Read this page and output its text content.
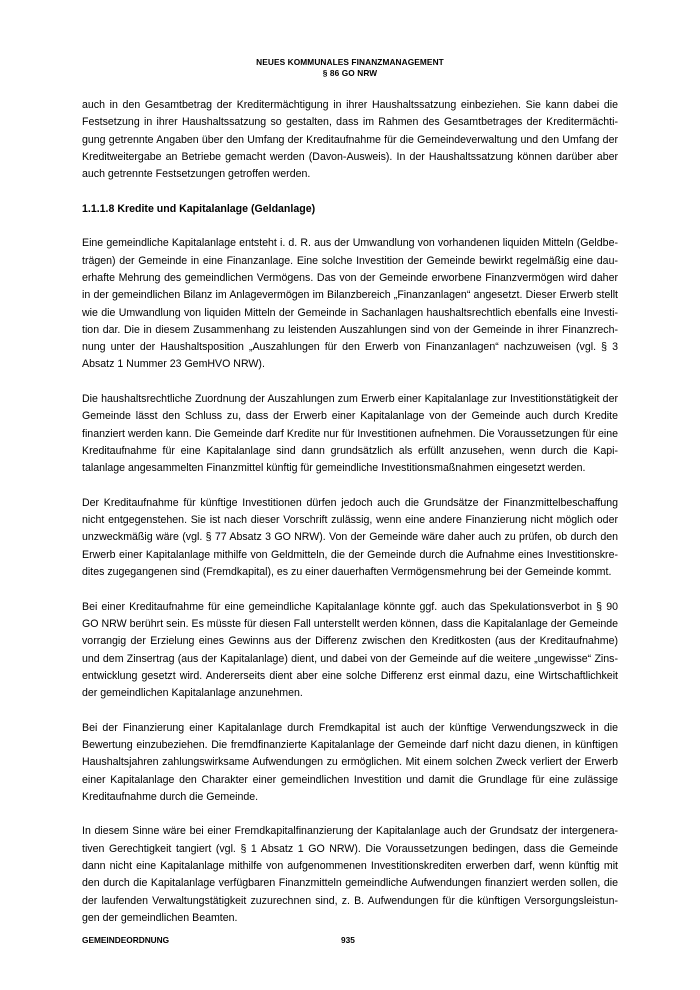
NEUES KOMMUNALES FINANZMANAGEMENT
§ 86 GO NRW

auch in den Gesamtbetrag der Kreditermächtigung in ihrer Haushaltssatzung einbeziehen. Sie kann dabei die Festsetzung in ihrer Haushaltssatzung so gestalten, dass im Rahmen des Gesamtbetrages der Kreditermächtigung getrennte Angaben über den Umfang der Kreditaufnahme für die Gemeindeverwaltung und den Umfang der Kreditweitergabe an Betriebe gemacht werden (Davon-Ausweis). In der Haushaltssatzung können darüber aber auch getrennte Festsetzungen getroffen werden.

1.1.1.8 Kredite und Kapitalanlage (Geldanlage)

Eine gemeindliche Kapitalanlage entsteht i. d. R. aus der Umwandlung von vorhandenen liquiden Mitteln (Geldbeträgen) der Gemeinde in eine Finanzanlage. Eine solche Investition der Gemeinde bewirkt regelmäßig eine dauerhafte Mehrung des gemeindlichen Vermögens. Das von der Gemeinde erworbene Finanzvermögen wird daher in der gemeindlichen Bilanz im Anlagevermögen im Bilanzbereich „Finanzanlagen“ angesetzt. Dieser Erwerb stellt wie die Umwandlung von liquiden Mitteln der Gemeinde in Sachanlagen haushaltsrechtlich ebenfalls eine Investition dar. Die in diesem Zusammenhang zu leistenden Auszahlungen sind von der Gemeinde in ihrer Finanzrechnung unter der Haushaltsposition „Auszahlungen für den Erwerb von Finanzanlagen“ nachzuweisen (vgl. § 3 Absatz 1 Nummer 23 GemHVO NRW).

Die haushaltsrechtliche Zuordnung der Auszahlungen zum Erwerb einer Kapitalanlage zur Investitionstätigkeit der Gemeinde lässt den Schluss zu, dass der Erwerb einer Kapitalanlage von der Gemeinde auch durch Kredite finanziert werden kann. Die Gemeinde darf Kredite nur für Investitionen aufnehmen. Die Voraussetzungen für eine Kreditaufnahme für eine Kapitalanlage sind dann grundsätzlich als erfüllt anzusehen, wenn durch die Kapitalanlage angesammelten Finanzmittel künftig für gemeindliche Investitionsmaßnahmen eingesetzt werden.

Der Kreditaufnahme für künftige Investitionen dürfen jedoch auch die Grundsätze der Finanzmittelbeschaffung nicht entgegenstehen. Sie ist nach dieser Vorschrift zulässig, wenn eine andere Finanzierung nicht möglich oder unzweckmäßig wäre (vgl. § 77 Absatz 3 GO NRW). Von der Gemeinde wäre daher auch zu prüfen, ob durch den Erwerb einer Kapitalanlage mithilfe von Geldmitteln, die der Gemeinde durch die Aufnahme eines Investitionskredites zugegangenen sind (Fremdkapital), es zu einer dauerhaften Vermögensmehrung bei der Gemeinde kommt.

Bei einer Kreditaufnahme für eine gemeindliche Kapitalanlage könnte ggf. auch das Spekulationsverbot in § 90 GO NRW berührt sein. Es müsste für diesen Fall unterstellt werden können, dass die Kapitalanlage der Gemeinde vorrangig der Erzielung eines Gewinns aus der Differenz zwischen den Kreditkosten (aus der Kreditaufnahme) und dem Zinsertrag (aus der Kapitalanlage) dient, und dabei von der Gemeinde auf die weitere „ungewisse“ Zinsentwicklung gesetzt wird. Andererseits dient aber eine solche Differenz erst einmal dazu, eine Wirtschaftlichkeit der gemeindlichen Kapitalanlage anzunehmen.

Bei der Finanzierung einer Kapitalanlage durch Fremdkapital ist auch der künftige Verwendungszweck in die Bewertung einzubeziehen. Die fremdfinanzierte Kapitalanlage der Gemeinde darf nicht dazu dienen, in künftigen Haushaltsjahren zahlungswirksame Aufwendungen zu ermöglichen. Mit einem solchen Zweck verliert der Erwerb einer Kapitalanlage den Charakter einer gemeindlichen Investition und damit die Grundlage für eine zulässige Kreditaufnahme durch die Gemeinde.

In diesem Sinne wäre bei einer Fremdkapitalfinanzierung der Kapitalanlage auch der Grundsatz der intergenerativen Gerechtigkeit tangiert (vgl. § 1 Absatz 1 GO NRW). Die Voraussetzungen bedingen, dass die Gemeinde dann nicht eine Kapitalanlage mithilfe von aufgenommenen Investitionskrediten erwerben darf, wenn künftig mit den durch die Kapitalanlage verfügbaren Finanzmitteln gemeindliche Aufwendungen finanziert werden sollen, die der laufenden Verwaltungstätigkeit zuzurechnen sind, z. B. Aufwendungen für die künftigen Versorgungsleistungen der gemeindlichen Beamten.

GEMEINDEORDNUNG	935
